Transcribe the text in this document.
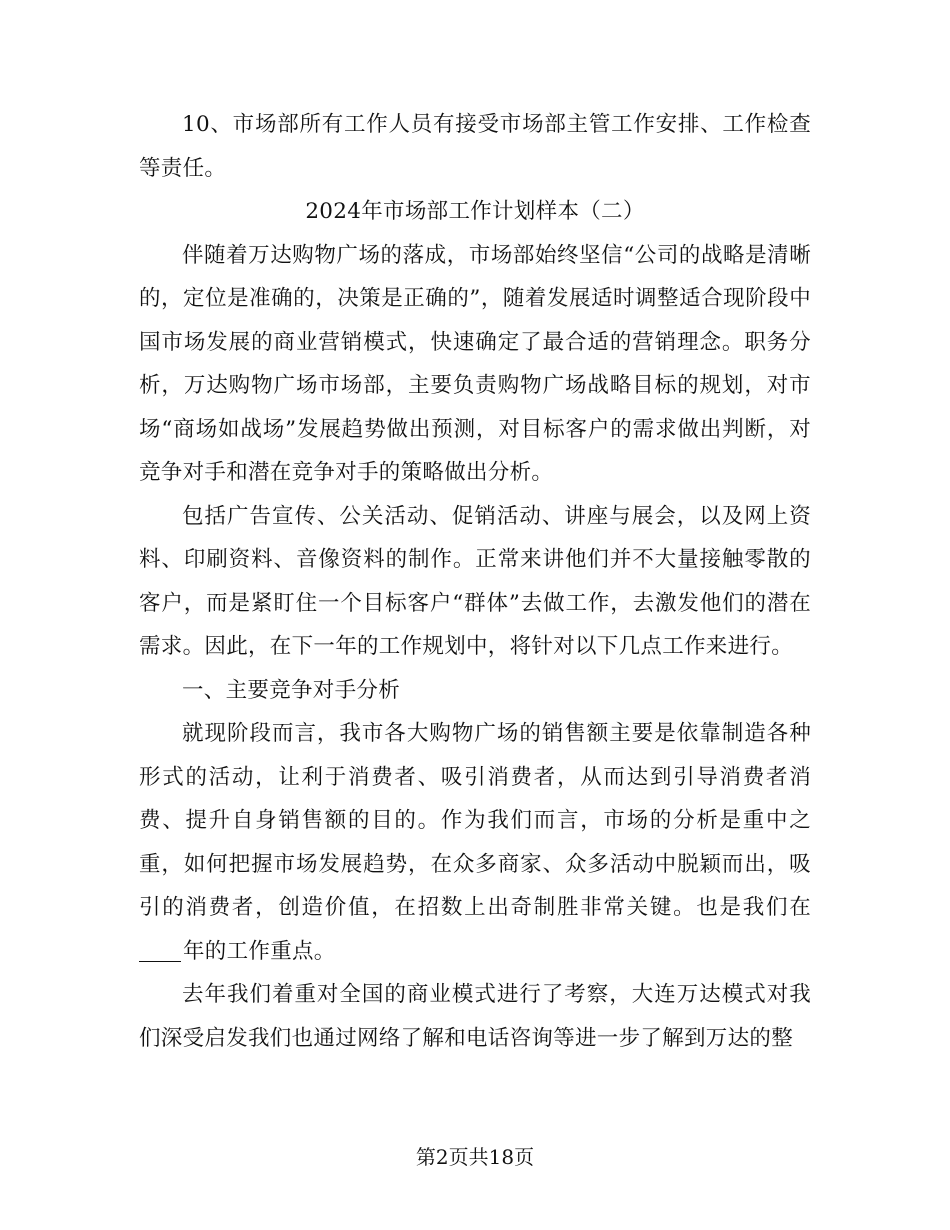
10、市场部所有工作人员有接受市场部主管工作安排、工作检查等责任。

2024年市场部工作计划样本（二）

伴随着万达购物广场的落成，市场部始终坚信“公司的战略是清晰的，定位是准确的，决策是正确的”，随着发展适时调整适合现阶段中国市场发展的商业营销模式，快速确定了最合适的营销理念。职务分析，万达购物广场市场部，主要负责购物广场战略目标的规划，对市场“商场如战场”发展趋势做出预测，对目标客户的需求做出判断，对竞争对手和潜在竞争对手的策略做出分析。

包括广告宣传、公关活动、促销活动、讲座与展会，以及网上资料、印刷资料、音像资料的制作。正常来讲他们并不大量接触零散的客户，而是紧盯住一个目标客户“群体”去做工作，去激发他们的潜在需求。因此，在下一年的工作规划中，将针对以下几点工作来进行。

一、主要竞争对手分析

就现阶段而言，我市各大购物广场的销售额主要是依靠制造各种形式的活动，让利于消费者、吸引消费者，从而达到引导消费者消费、提升自身销售额的目的。作为我们而言，市场的分析是重中之重，如何把握市场发展趋势，在众多商家、众多活动中脱颖而出，吸引的消费者，创造价值，在招数上出奇制胜非常关键。也是我们在年的工作重点。

去年我们着重对全国的商业模式进行了考察，大连万达模式对我们深受启发我们也通过网络了解和电话咨询等进一步了解到万达的整

第2页共18页
